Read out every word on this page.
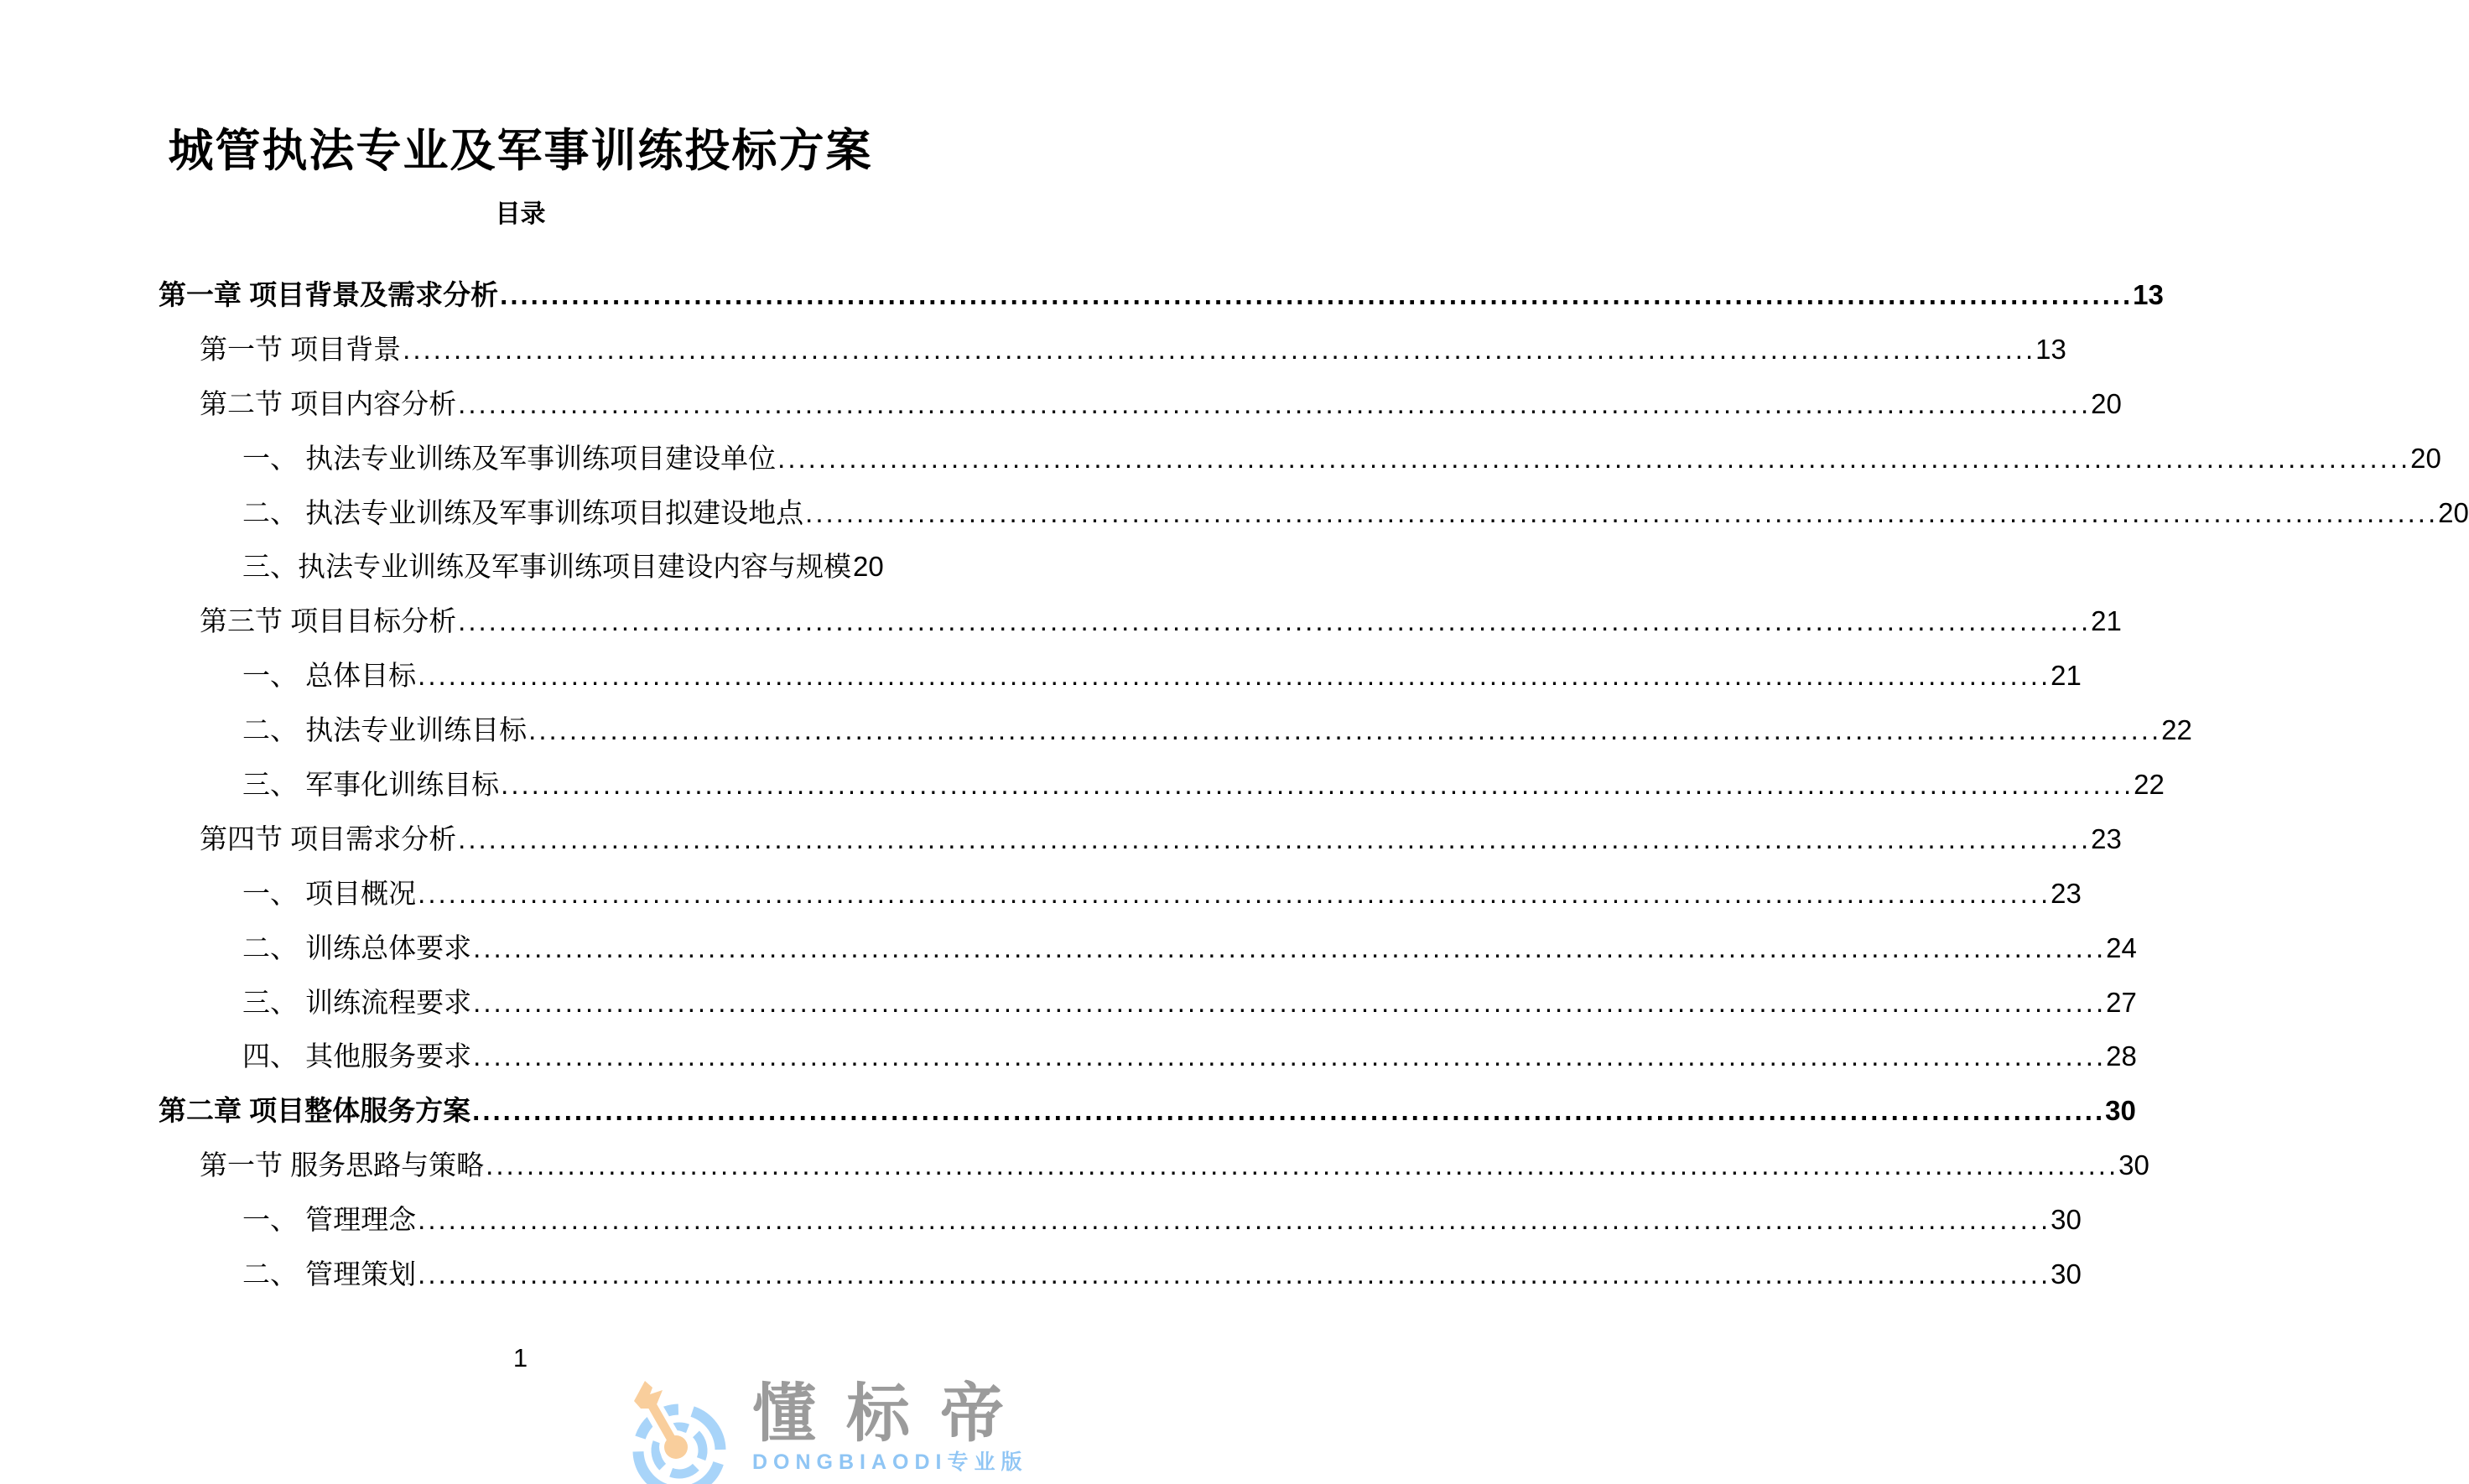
城管执法专业及军事训练投标方案
目录
第一章 项目背景及需求分析 ................................................................................................................................................................ 13
第一节 项目背景 ................................................................................................................................................................ 13
第二节 项目内容分析 ................................................................................................................................................................ 20
一、 执法专业训练及军事训练项目建设单位 ................................................................................................................................................................ 20
二、 执法专业训练及军事训练项目拟建设地点 ................................................................................................................................................................ 20
三、执法专业训练及军事训练项目建设内容与规模 20
第三节 项目目标分析 ................................................................................................................................................................ 21
一、 总体目标 ................................................................................................................................................................ 21
二、 执法专业训练目标 ................................................................................................................................................................ 22
三、 军事化训练目标 ................................................................................................................................................................ 22
第四节 项目需求分析 ................................................................................................................................................................ 23
一、 项目概况 ................................................................................................................................................................ 23
二、 训练总体要求 ................................................................................................................................................................ 24
三、 训练流程要求 ................................................................................................................................................................ 27
四、 其他服务要求 ................................................................................................................................................................ 28
第二章 项目整体服务方案 ................................................................................................................................................................ 30
第一节 服务思路与策略 ................................................................................................................................................................ 30
一、 管理理念 ................................................................................................................................................................ 30
二、 管理策划 ................................................................................................................................................................ 30
1
懂标帝
DONGBIAODI专业版
